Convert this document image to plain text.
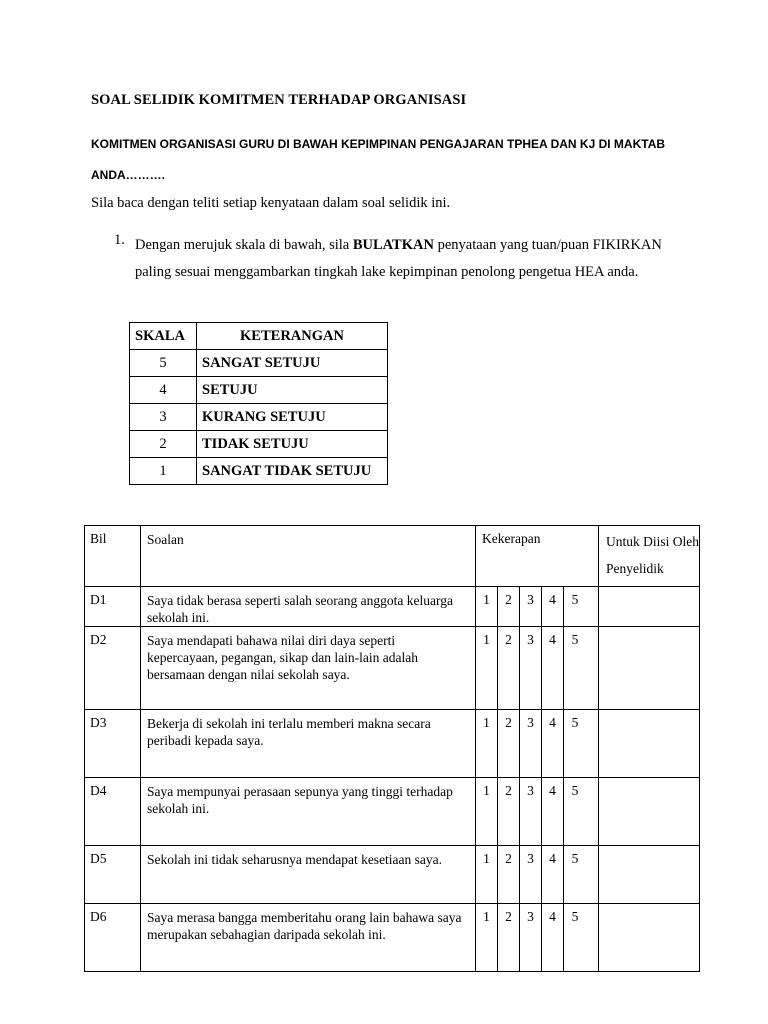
SOAL SELIDIK KOMITMEN TERHADAP ORGANISASI
KOMITMEN ORGANISASI GURU DI BAWAH KEPIMPINAN PENGAJARAN TPHEA DAN KJ DI MAKTAB ANDA……….
Sila baca dengan teliti setiap kenyataan dalam soal selidik ini.
1. Dengan merujuk skala di bawah, sila BULATKAN penyataan yang tuan/puan FIKIRKAN paling sesuai menggambarkan tingkah lake kepimpinan penolong pengetua HEA anda.
SKALA	KETERANGAN
5	SANGAT SETUJU
4	SETUJU
3	KURANG SETUJU
2	TIDAK SETUJU
1	SANGAT TIDAK SETUJU
Bil	Soalan	Kekerapan	Untuk Diisi Oleh Penyelidik
D1	Saya tidak berasa seperti salah seorang anggota keluarga sekolah ini.	1 2 3 4 5	

D2	Saya mendapati bahawa nilai diri daya seperti kepercayaan, pegangan, sikap dan lain-lain adalah bersamaan dengan nilai sekolah saya.	1 2 3 4 5	

D3	Bekerja di sekolah ini terlalu memberi makna secara peribadi kepada saya.	1 2 3 4 5	

D4	Saya mempunyai perasaan sepunya yang tinggi terhadap sekolah ini.	1 2 3 4 5	

D5	Sekolah ini tidak seharusnya mendapat kesetiaan saya.	1 2 3 4 5	

D6	Saya merasa bangga memberitahu orang lain bahawa saya merupakan sebahagian daripada sekolah ini.	1 2 3 4 5	
